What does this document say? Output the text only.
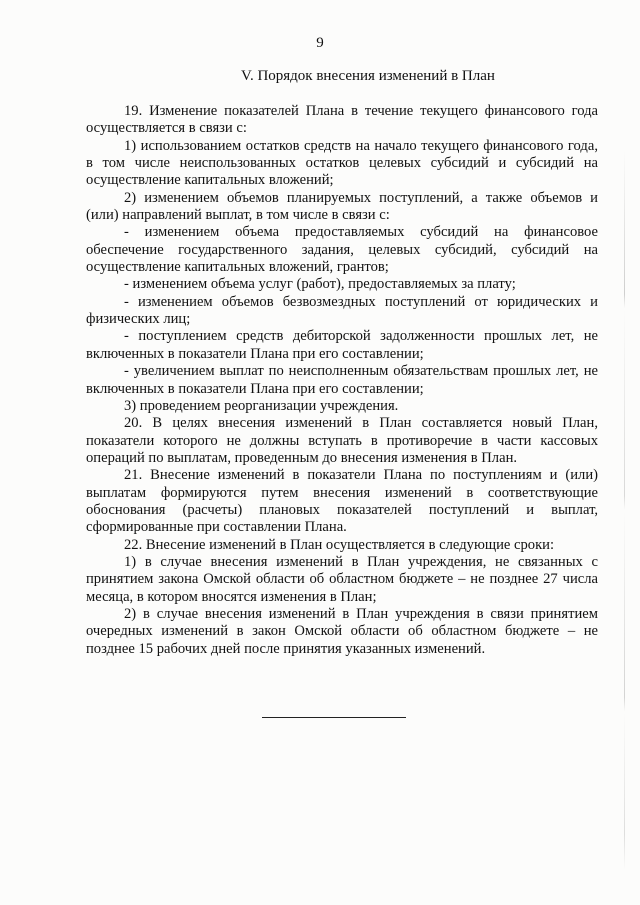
9
V. Порядок внесения изменений в План

19. Изменение показателей Плана в течение текущего финансового года осуществляется в связи с:

1) использованием остатков средств на начало текущего финансового года, в том числе неиспользованных остатков целевых субсидий и субсидий на осуществление капитальных вложений;

2) изменением объемов планируемых поступлений, а также объемов и (или) направлений выплат, в том числе в связи с:

- изменением объема предоставляемых субсидий на финансовое обеспечение государственного задания, целевых субсидий, субсидий на осуществление капитальных вложений, грантов;

- изменением объема услуг (работ), предоставляемых за плату;

- изменением объемов безвозмездных поступлений от юридических и физических лиц;

- поступлением средств дебиторской задолженности прошлых лет, не включенных в показатели Плана при его составлении;

- увеличением выплат по неисполненным обязательствам прошлых лет, не включенных в показатели Плана при его составлении;

3) проведением реорганизации учреждения.

20. В целях внесения изменений в План составляется новый План, показатели которого не должны вступать в противоречие в части кассовых операций по выплатам, проведенным до внесения изменения в План.

21. Внесение изменений в показатели Плана по поступлениям и (или) выплатам формируются путем внесения изменений в соответствующие обоснования (расчеты) плановых показателей поступлений и выплат, сформированные при составлении Плана.

22. Внесение изменений в План осуществляется в следующие сроки:

1) в случае внесения изменений в План учреждения, не связанных с принятием закона Омской области об областном бюджете – не позднее 27 числа месяца, в котором вносятся изменения в План;

2) в случае внесения изменений в План учреждения в связи принятием очередных изменений в закон Омской области об областном бюджете – не позднее 15 рабочих дней после принятия указанных изменений.
